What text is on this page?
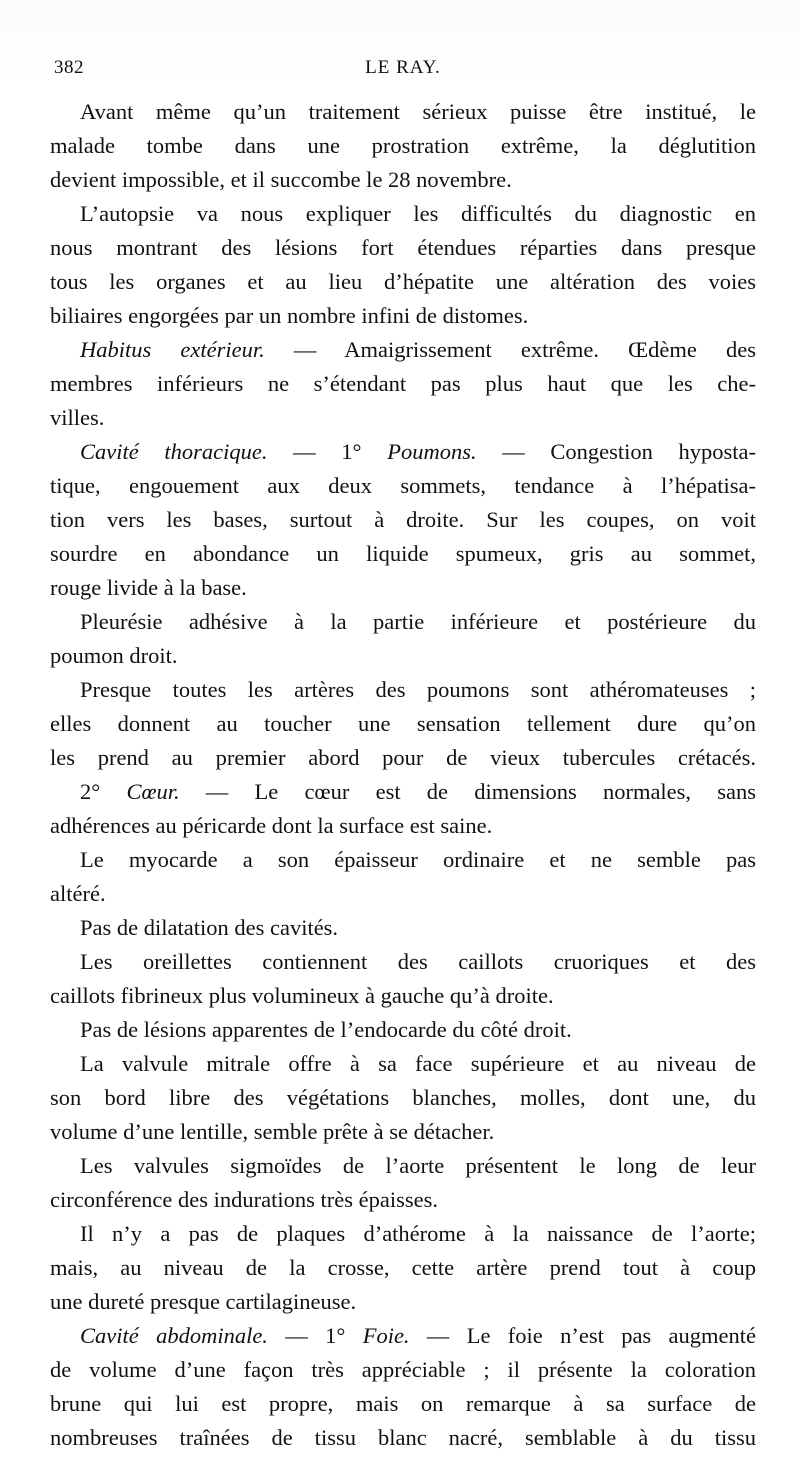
382	LE RAY.
Avant même qu’un traitement sérieux puisse être institué, le
malade tombe dans une prostration extrême, la déglutition
devient impossible, et il succombe le 28 novembre.
L’autopsie va nous expliquer les difficultés du diagnostic en
nous montrant des lésions fort étendues réparties dans presque
tous les organes et au lieu d’hépatite une altération des voies
biliaires engorgées par un nombre infini de distomes.
Habitus extérieur. — Amaigrissement extrême. Œdème des
membres inférieurs ne s’étendant pas plus haut que les che-
villes.
Cavité thoracique. — 1° Poumons. — Congestion hyposta-
tique, engouement aux deux sommets, tendance à l’hépatisa-
tion vers les bases, surtout à droite. Sur les coupes, on voit
sourdre en abondance un liquide spumeux, gris au sommet,
rouge livide à la base.
Pleurésie adhésive à la partie inférieure et postérieure du
poumon droit.
Presque toutes les artères des poumons sont athéromateuses ;
elles donnent au toucher une sensation tellement dure qu’on
les prend au premier abord pour de vieux tubercules crétacés.
2° Cœur. — Le cœur est de dimensions normales, sans
adhérences au péricarde dont la surface est saine.
Le myocarde a son épaisseur ordinaire et ne semble pas
altéré.
Pas de dilatation des cavités.
Les oreillettes contiennent des caillots cruoriques et des
caillots fibrineux plus volumineux à gauche qu’à droite.
Pas de lésions apparentes de l’endocarde du côté droit.
La valvule mitrale offre à sa face supérieure et au niveau de
son bord libre des végétations blanches, molles, dont une, du
volume d’une lentille, semble prête à se détacher.
Les valvules sigmoïdes de l’aorte présentent le long de leur
circonférence des indurations très épaisses.
Il n’y a pas de plaques d’athérome à la naissance de l’aorte;
mais, au niveau de la crosse, cette artère prend tout à coup
une dureté presque cartilagineuse.
Cavité abdominale. — 1° Foie. — Le foie n’est pas augmenté
de volume d’une façon très appréciable ; il présente la coloration
brune qui lui est propre, mais on remarque à sa surface de
nombreuses traînées de tissu blanc nacré, semblable à du tissu
